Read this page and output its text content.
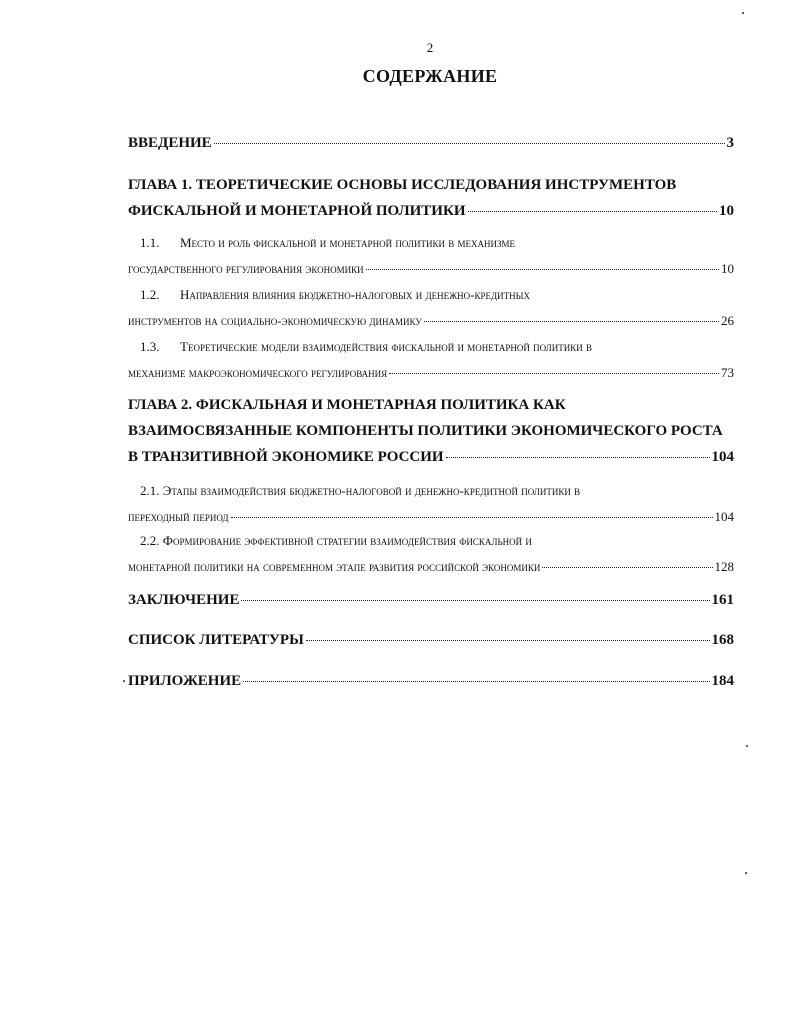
2
СОДЕРЖАНИЕ
ВВЕДЕНИЕ	3
ГЛАВА 1. ТЕОРЕТИЧЕСКИЕ ОСНОВЫ ИССЛЕДОВАНИЯ ИНСТРУМЕНТОВ
ФИСКАЛЬНОЙ И МОНЕТАРНОЙ ПОЛИТИКИ	10
1.1. Место и роль фискальной и монетарной политики в механизме
государственного регулирования экономики	10
1.2. Направления влияния бюджетно-налоговых и денежно-кредитных
инструментов на социально-экономическую динамику	26
1.3. Теоретические модели взаимодействия фискальной и монетарной политики в
механизме макроэкономического регулирования	73
ГЛАВА 2. ФИСКАЛЬНАЯ И МОНЕТАРНАЯ ПОЛИТИКА КАК
ВЗАИМОСВЯЗАННЫЕ КОМПОНЕНТЫ ПОЛИТИКИ ЭКОНОМИЧЕСКОГО РОСТА
В ТРАНЗИТИВНОЙ ЭКОНОМИКЕ РОССИИ	104
2.1. Этапы взаимодействия бюджетно-налоговой и денежно-кредитной политики в
переходный период	104
2.2. Формирование эффективной стратегии взаимодействия фискальной и
монетарной политики на современном этапе развития российской экономики	128
ЗАКЛЮЧЕНИЕ	161
СПИСОК ЛИТЕРАТУРЫ	168
ПРИЛОЖЕНИЕ	184
